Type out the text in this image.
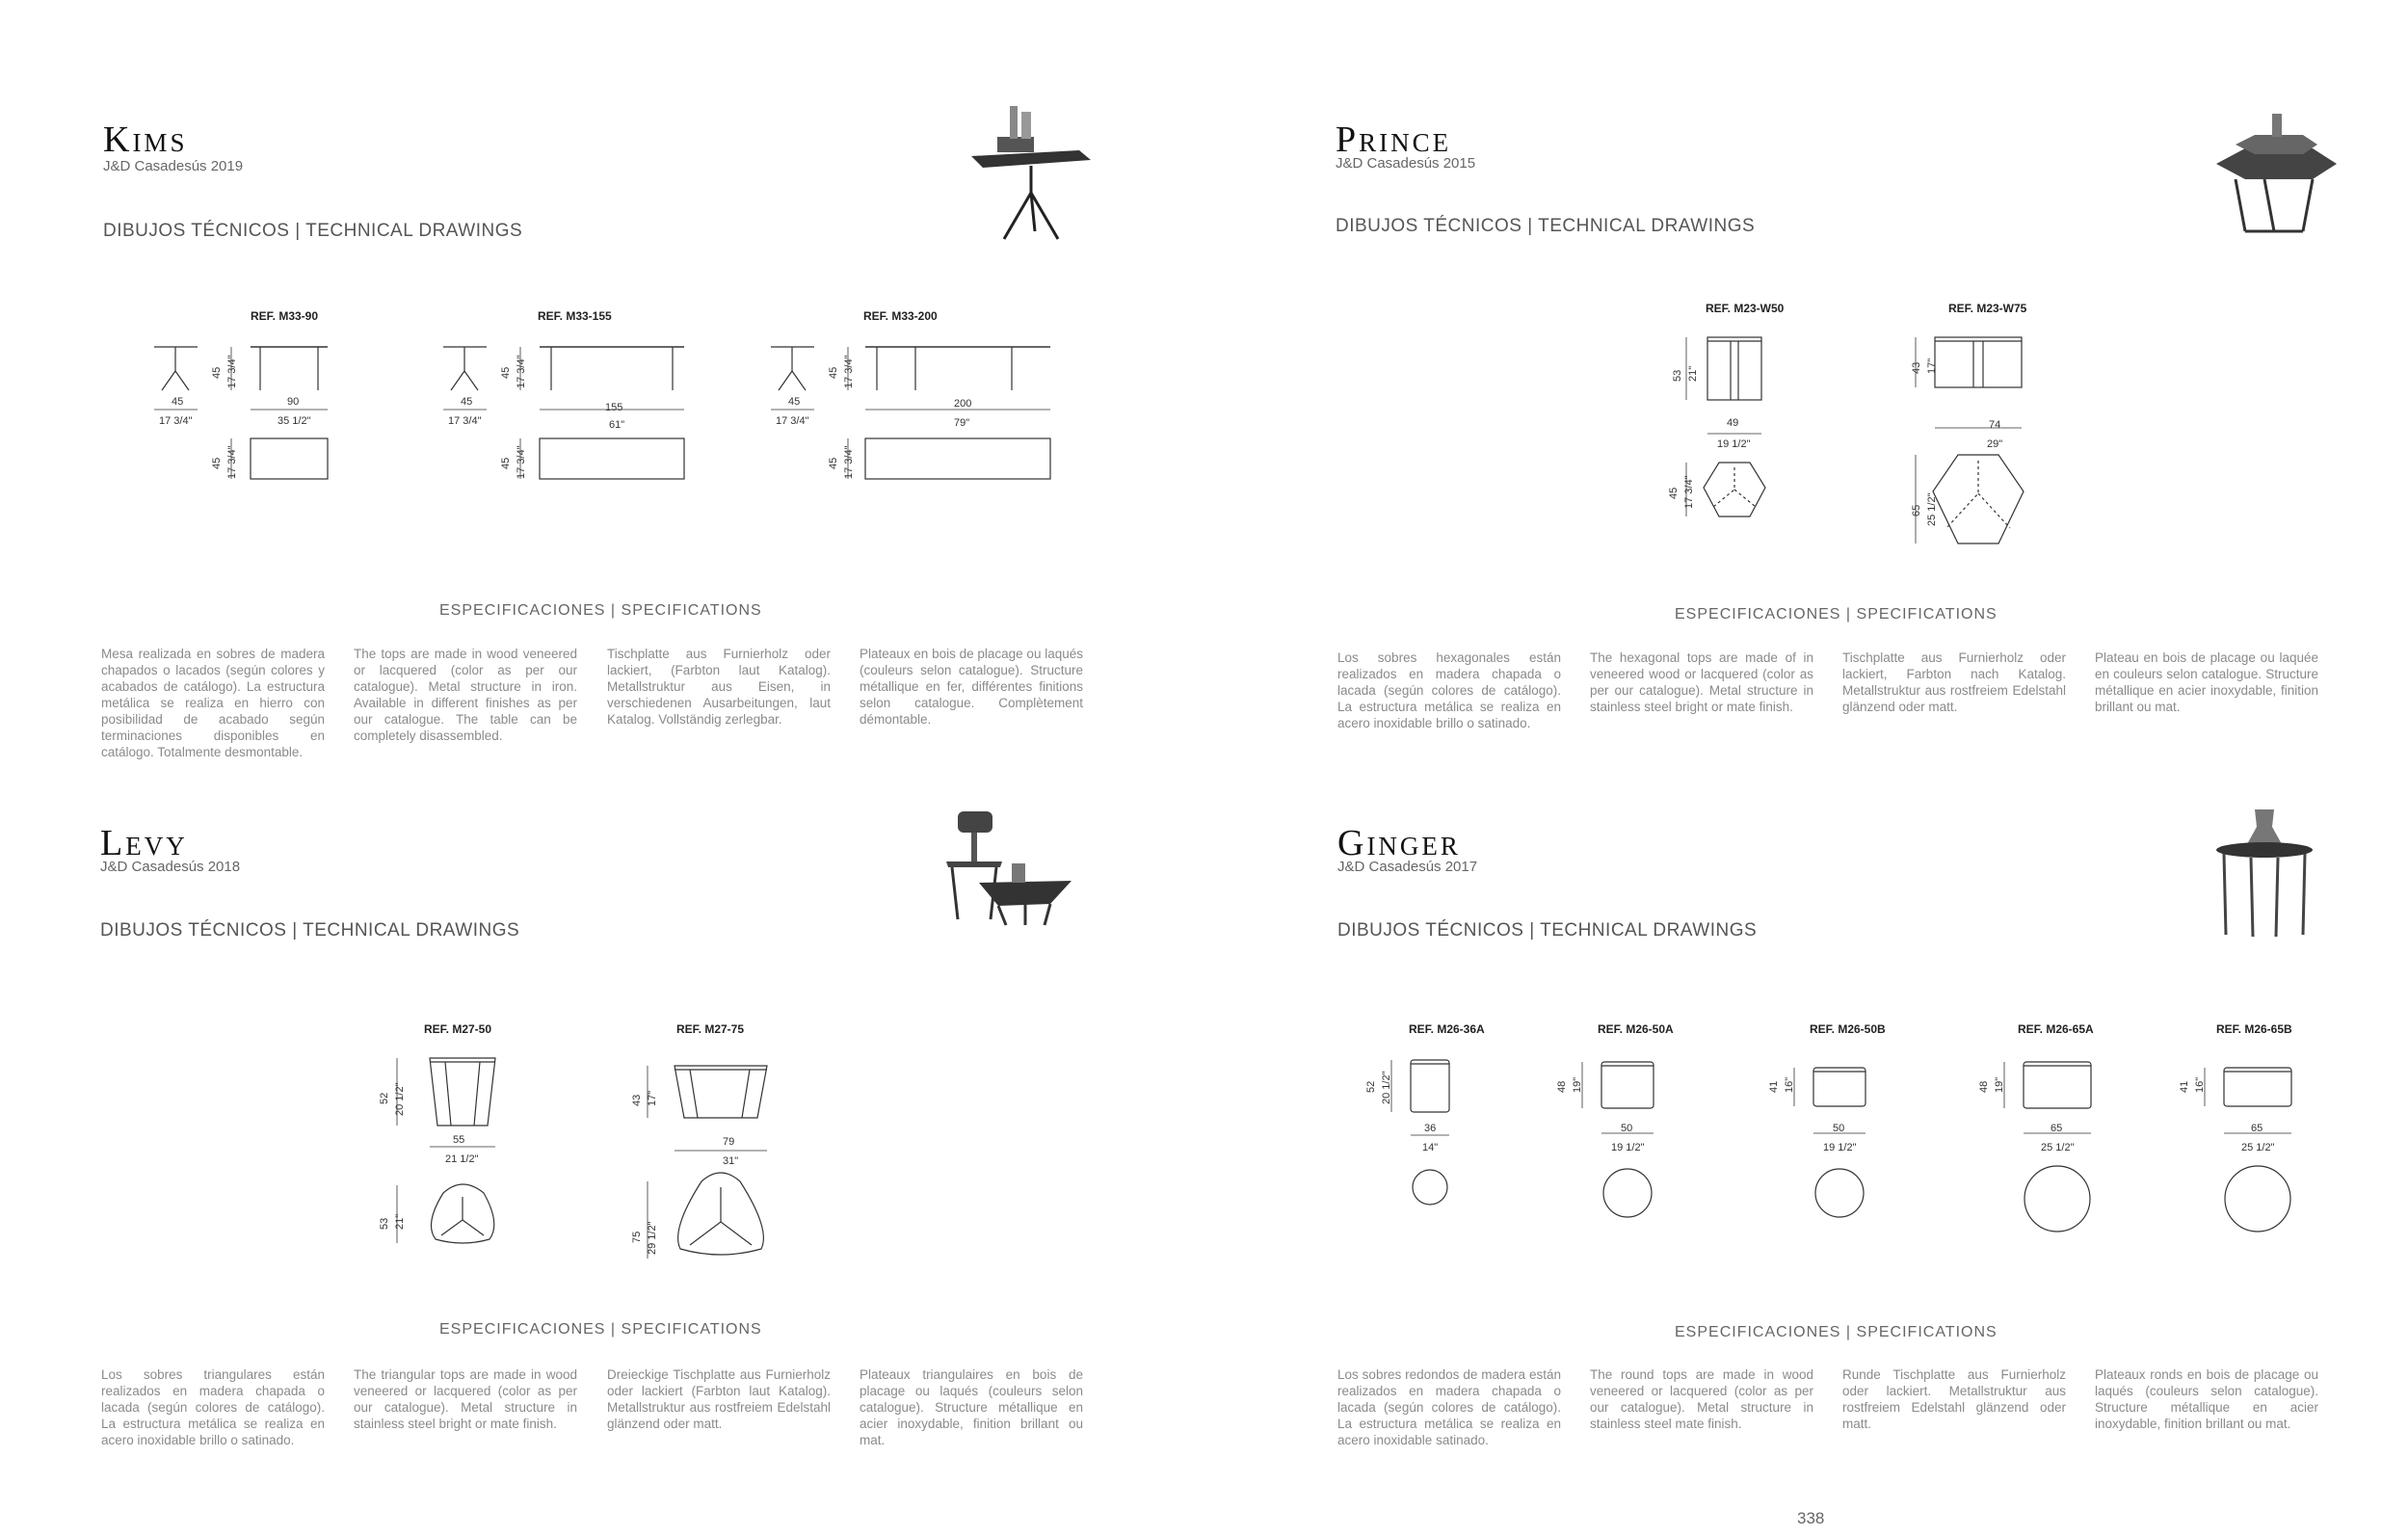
Kims
J&D Casadesús 2019
DIBUJOS TÉCNICOS | TECHNICAL DRAWINGS
REF. M33-90
45
17 3/4"
90
35 1/2"
45 17 3/4"
45 17 3/4"
REF. M33-155
45
17 3/4"
155
61"
45 17 3/4"
45 17 3/4"
REF. M33-200
45
17 3/4"
200
79"
45 17 3/4"
45 17 3/4"
ESPECIFICACIONES | SPECIFICATIONS
Mesa realizada en sobres de madera chapados o lacados (según colores y acabados de catálogo). La estructura metálica se realiza en hierro con posibilidad de acabado según terminaciones disponibles en catálogo. Totalmente desmontable.
The tops are made in wood veneered or lacquered (color as per our catalogue). Metal structure in iron. Available in different finishes as per our catalogue. The table can be completely disassembled.
Tischplatte aus Furnierholz oder lackiert, (Farbton laut Katalog). Metallstruktur aus Eisen, in verschiedenen Ausarbeitungen, laut Katalog. Vollständig zerlegbar.
Plateaux en bois de placage ou laqués (couleurs selon catalogue). Structure métallique en fer, différentes finitions selon catalogue. Complètement démontable.
Prince
J&D Casadesús 2015
DIBUJOS TÉCNICOS | TECHNICAL DRAWINGS
REF. M23-W50	REF. M23-W75
53 21"
49
19 1/2"
45 17 3/4"
43 17"
74
29"
65 25 1/2"
ESPECIFICACIONES | SPECIFICATIONS
Los sobres hexagonales están realizados en madera chapada o lacada (según colores de catálogo). La estructura metálica se realiza en acero inoxidable brillo o satinado.
The hexagonal tops are made of in veneered wood or lacquered (color as per our catalogue). Metal structure in stainless steel bright or mate finish.
Tischplatte aus Furnierholz oder lackiert, Farbton nach Katalog. Metallstruktur aus rostfreiem Edelstahl glänzend oder matt.
Plateau en bois de placage ou laquée en couleurs selon catalogue. Structure métallique en acier inoxydable, finition brillant ou mat.
Levy
J&D Casadesús 2018
DIBUJOS TÉCNICOS | TECHNICAL DRAWINGS
REF. M27-50	REF. M27-75
52 20 1/2"
55
21 1/2"
53 21"
43 17"
79
31"
75 29 1/2"
ESPECIFICACIONES | SPECIFICATIONS
Los sobres triangulares están realizados en madera chapada o lacada (según colores de catálogo). La estructura metálica se realiza en acero inoxidable brillo o satinado.
The triangular tops are made in wood veneered or lacquered (color as per our catalogue). Metal structure in stainless steel bright or mate finish.
Dreieckige Tischplatte aus Furnierholz oder lackiert (Farbton laut Katalog). Metallstruktur aus rostfreiem Edelstahl glänzend oder matt.
Plateaux triangulaires en bois de placage ou laqués (couleurs selon catalogue). Structure métallique en acier inoxydable, finition brillant ou mat.
Ginger
J&D Casadesús 2017
DIBUJOS TÉCNICOS | TECHNICAL DRAWINGS
REF. M26-36A	REF. M26-50A	REF. M26-50B	REF. M26-65A	REF. M26-65B
52 20 1/2"
36
14"
48 19"
50
19 1/2"
41 16"
50
19 1/2"
48 19"
65
25 1/2"
41 16"
65
25 1/2"
ESPECIFICACIONES | SPECIFICATIONS
Los sobres redondos de madera están realizados en madera chapada o lacada (según colores de catálogo). La estructura metálica se realiza en acero inoxidable satinado.
The round tops are made in wood veneered or lacquered (color as per our catalogue). Metal structure in stainless steel mate finish.
Runde Tischplatte aus Furnierholz oder lackiert. Metallstruktur aus rostfreiem Edelstahl glänzend oder matt.
Plateaux ronds en bois de placage ou laqués (couleurs selon catalogue). Structure métallique en acier inoxydable, finition brillant ou mat.
338
